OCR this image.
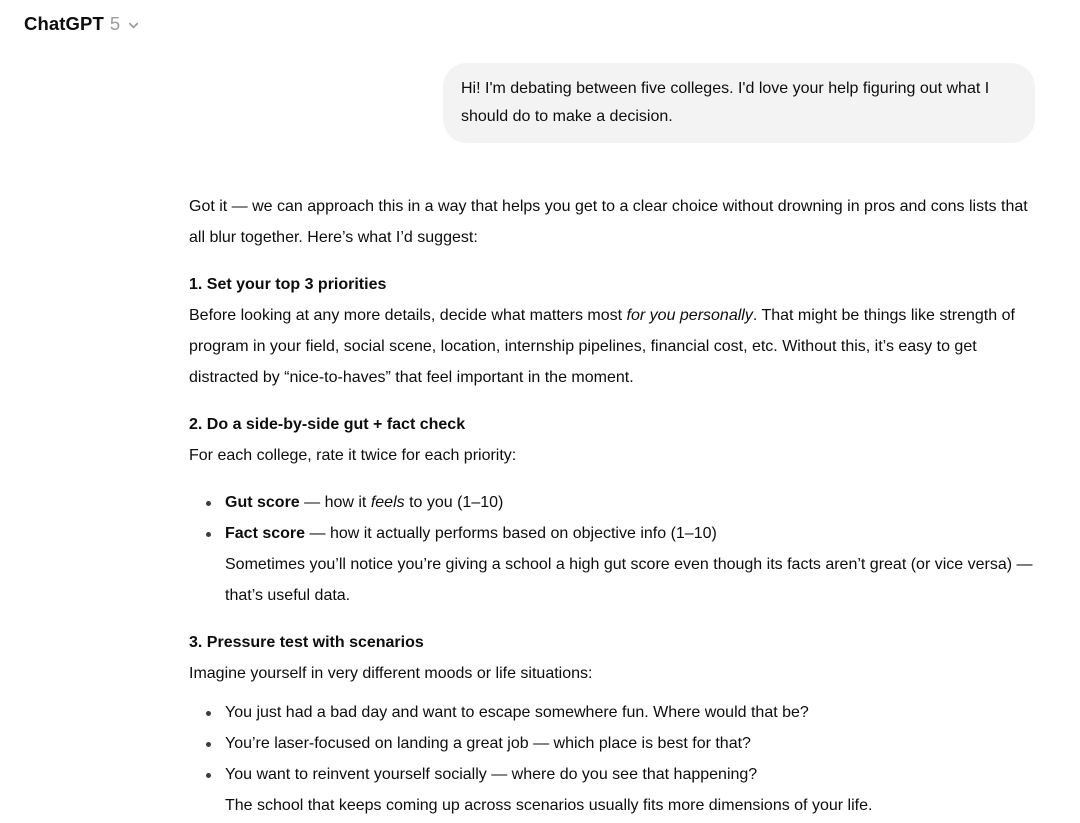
ChatGPT 5
Hi! I'm debating between five colleges. I'd love your help figuring out what I should do to make a decision.

Got it — we can approach this in a way that helps you get to a clear choice without drowning in pros and cons lists that all blur together. Here’s what I’d suggest:

1. Set your top 3 priorities

Before looking at any more details, decide what matters most for you personally. That might be things like strength of program in your field, social scene, location, internship pipelines, financial cost, etc. Without this, it’s easy to get distracted by “nice-to-haves” that feel important in the moment.

2. Do a side-by-side gut + fact check

For each college, rate it twice for each priority:

Gut score — how it feels to you (1–10)
Fact score — how it actually performs based on objective info (1–10)
Sometimes you’ll notice you’re giving a school a high gut score even though its facts aren’t great (or vice versa) — that’s useful data.
3. Pressure test with scenarios

Imagine yourself in very different moods or life situations:

You just had a bad day and want to escape somewhere fun. Where would that be?
You’re laser-focused on landing a great job — which place is best for that?
You want to reinvent yourself socially — where do you see that happening?
The school that keeps coming up across scenarios usually fits more dimensions of your life.
